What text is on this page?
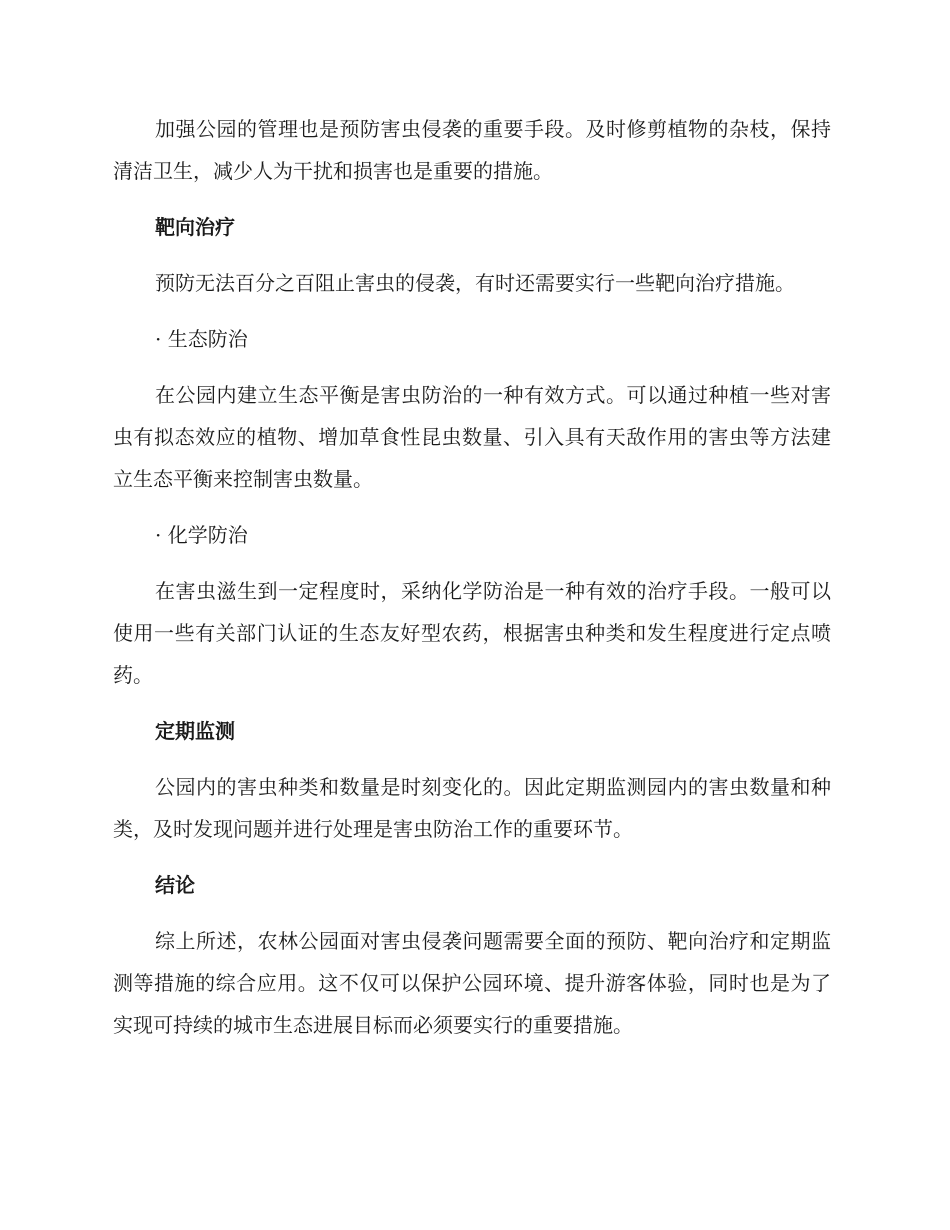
加强公园的管理也是预防害虫侵袭的重要手段。及时修剪植物的杂枝，保持清洁卫生，减少人为干扰和损害也是重要的措施。

靶向治疗

预防无法百分之百阻止害虫的侵袭，有时还需要实行一些靶向治疗措施。

· 生态防治

在公园内建立生态平衡是害虫防治的一种有效方式。可以通过种植一些对害虫有拟态效应的植物、增加草食性昆虫数量、引入具有天敌作用的害虫等方法建立生态平衡来控制害虫数量。

· 化学防治

在害虫滋生到一定程度时，采纳化学防治是一种有效的治疗手段。一般可以使用一些有关部门认证的生态友好型农药，根据害虫种类和发生程度进行定点喷药。

定期监测

公园内的害虫种类和数量是时刻变化的。因此定期监测园内的害虫数量和种类，及时发现问题并进行处理是害虫防治工作的重要环节。

结论

综上所述，农林公园面对害虫侵袭问题需要全面的预防、靶向治疗和定期监测等措施的综合应用。这不仅可以保护公园环境、提升游客体验，同时也是为了实现可持续的城市生态进展目标而必须要实行的重要措施。
